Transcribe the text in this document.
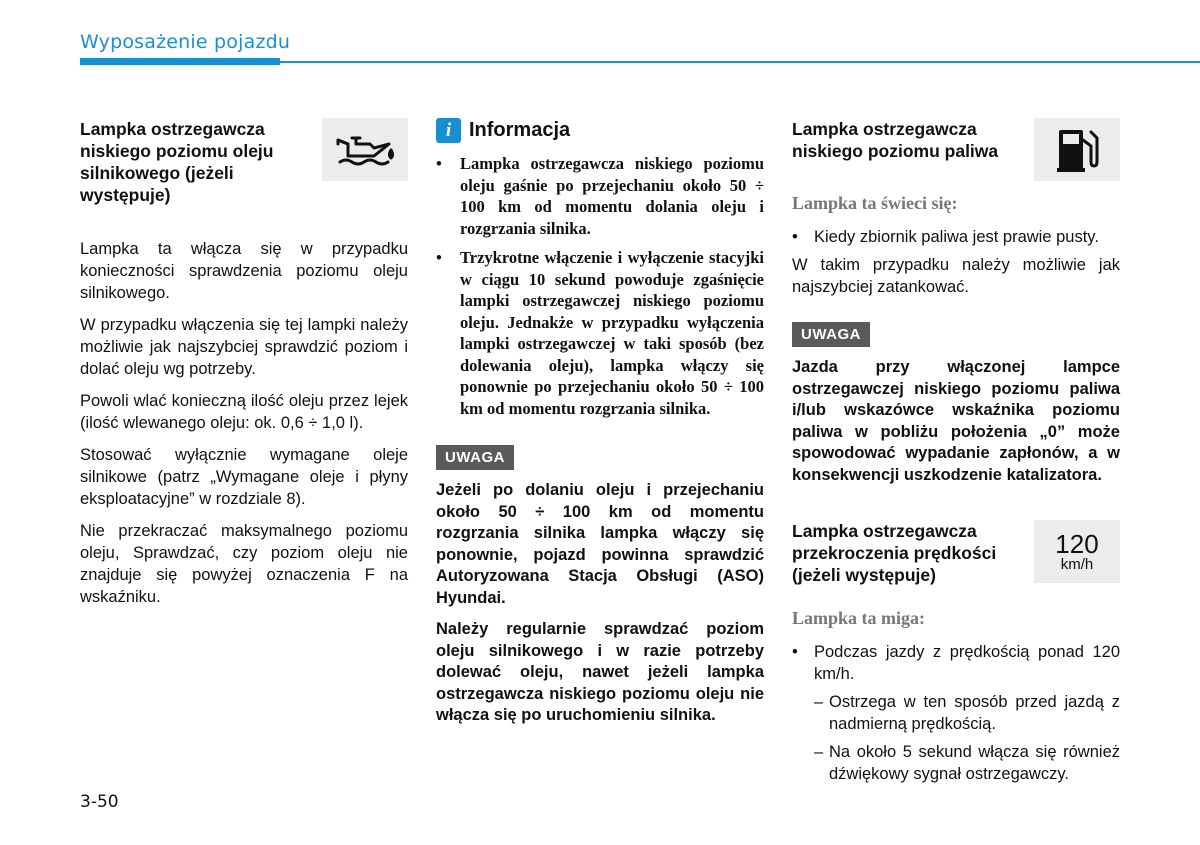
Wyposażenie pojazdu
Lampka ostrzegawcza niskiego poziomu oleju silnikowego (jeżeli występuje)

Lampka ta włącza się w przypadku konieczności sprawdzenia poziomu oleju silnikowego.

W przypadku włączenia się tej lampki należy możliwie jak najszybciej sprawdzić poziom i dolać oleju wg potrzeby.

Powoli wlać konieczną ilość oleju przez lejek (ilość wlewanego oleju: ok. 0,6 ÷ 1,0 l).

Stosować wyłącznie wymagane oleje silnikowe (patrz „Wymagane oleje i płyny eksploatacyjne” w rozdziale 8).

Nie przekraczać maksymalnego poziomu oleju, Sprawdzać, czy poziom oleju nie znajduje się powyżej oznaczenia F na wskaźniku.

i Informacja
•	Lampka ostrzegawcza niskiego poziomu oleju gaśnie po przejechaniu około 50 ÷ 100 km od momentu dolania oleju i rozgrzania silnika.
•	Trzykrotne włączenie i wyłączenie stacyjki w ciągu 10 sekund powoduje zgaśnięcie lampki ostrzegawczej niskiego poziomu oleju. Jednakże w przypadku wyłączenia lampki ostrzegawczej w taki sposób (bez dolewania oleju), lampka włączy się ponownie po przejechaniu około 50 ÷ 100 km od momentu rozgrzania silnika.
UWAGA

Jeżeli po dolaniu oleju i przejechaniu około 50 ÷ 100 km od momentu rozgrzania silnika lampka włączy się ponownie, pojazd powinna sprawdzić Autoryzowana Stacja Obsługi (ASO) Hyundai.

Należy regularnie sprawdzać poziom oleju silnikowego i w razie potrzeby dolewać oleju, nawet jeżeli lampka ostrzegawcza niskiego poziomu oleju nie włącza się po uruchomieniu silnika.

Lampka ostrzegawcza niskiego poziomu paliwa
Lampka ta świeci się:
• Kiedy zbiornik paliwa jest prawie pusty.

W takim przypadku należy możliwie jak najszybciej zatankować.

UWAGA

Jazda przy włączonej lampce ostrzegawczej niskiego poziomu paliwa i/lub wskazówce wskaźnika poziomu paliwa w pobliżu położenia „0” może spowodować wypadanie zapłonów, a w konsekwencji uszkodzenie katalizatora.

Lampka ostrzegawcza przekroczenia prędkości (jeżeli występuje)
120
km/h
Lampka ta miga:
• Podczas jazdy z prędkością ponad 120 km/h.
– Ostrzega w ten sposób przed jazdą z nadmierną prędkością.
– Na około 5 sekund włącza się również dźwiękowy sygnał ostrzegawczy.
3-50
